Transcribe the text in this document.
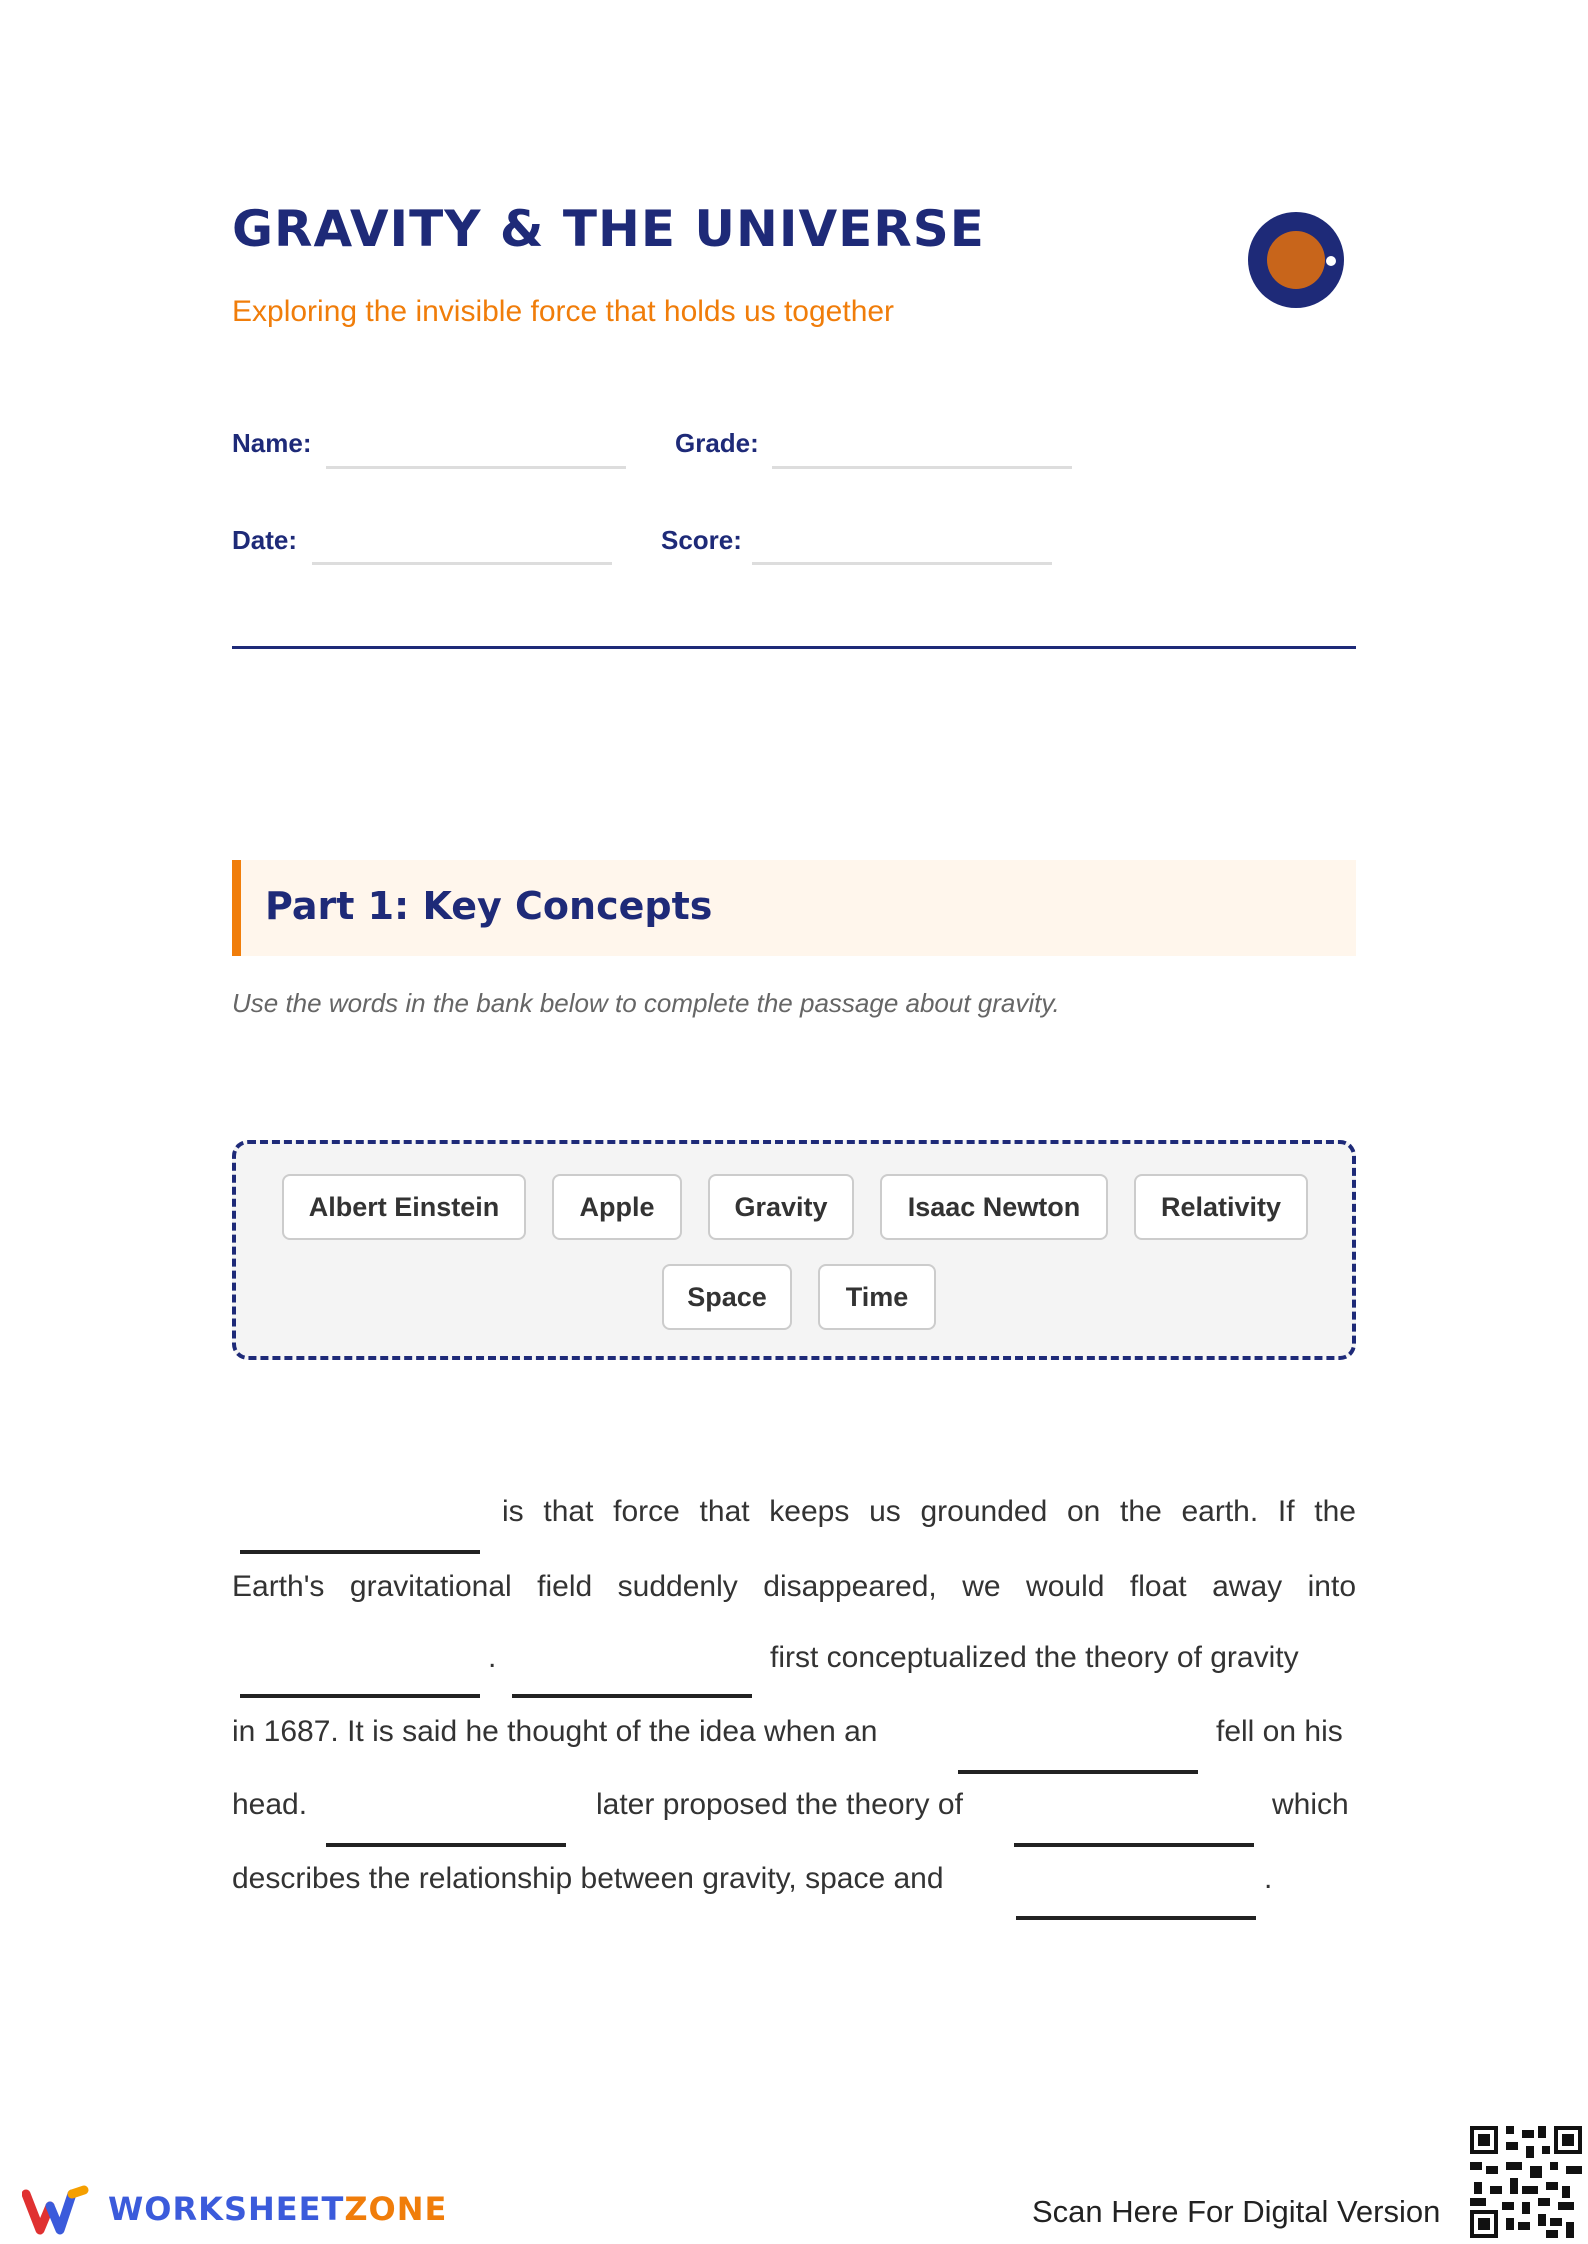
GRAVITY & THE UNIVERSE
Exploring the invisible force that holds us together
Name:	Grade:
Date:	Score:
Part 1: Key Concepts
Use the words in the bank below to complete the passage about gravity.
Albert Einstein	Apple	Gravity	Isaac Newton	Relativity
Space	Time
is that force that keeps us grounded on the earth. If the
Earth's gravitational field suddenly disappeared, we would float away into
.	first conceptualized the theory of gravity
in 1687. It is said he thought of the idea when an	fell on his
head.	later proposed the theory of	which
describes the relationship between gravity, space and	.
WORKSHEETZONE	Scan Here For Digital Version
